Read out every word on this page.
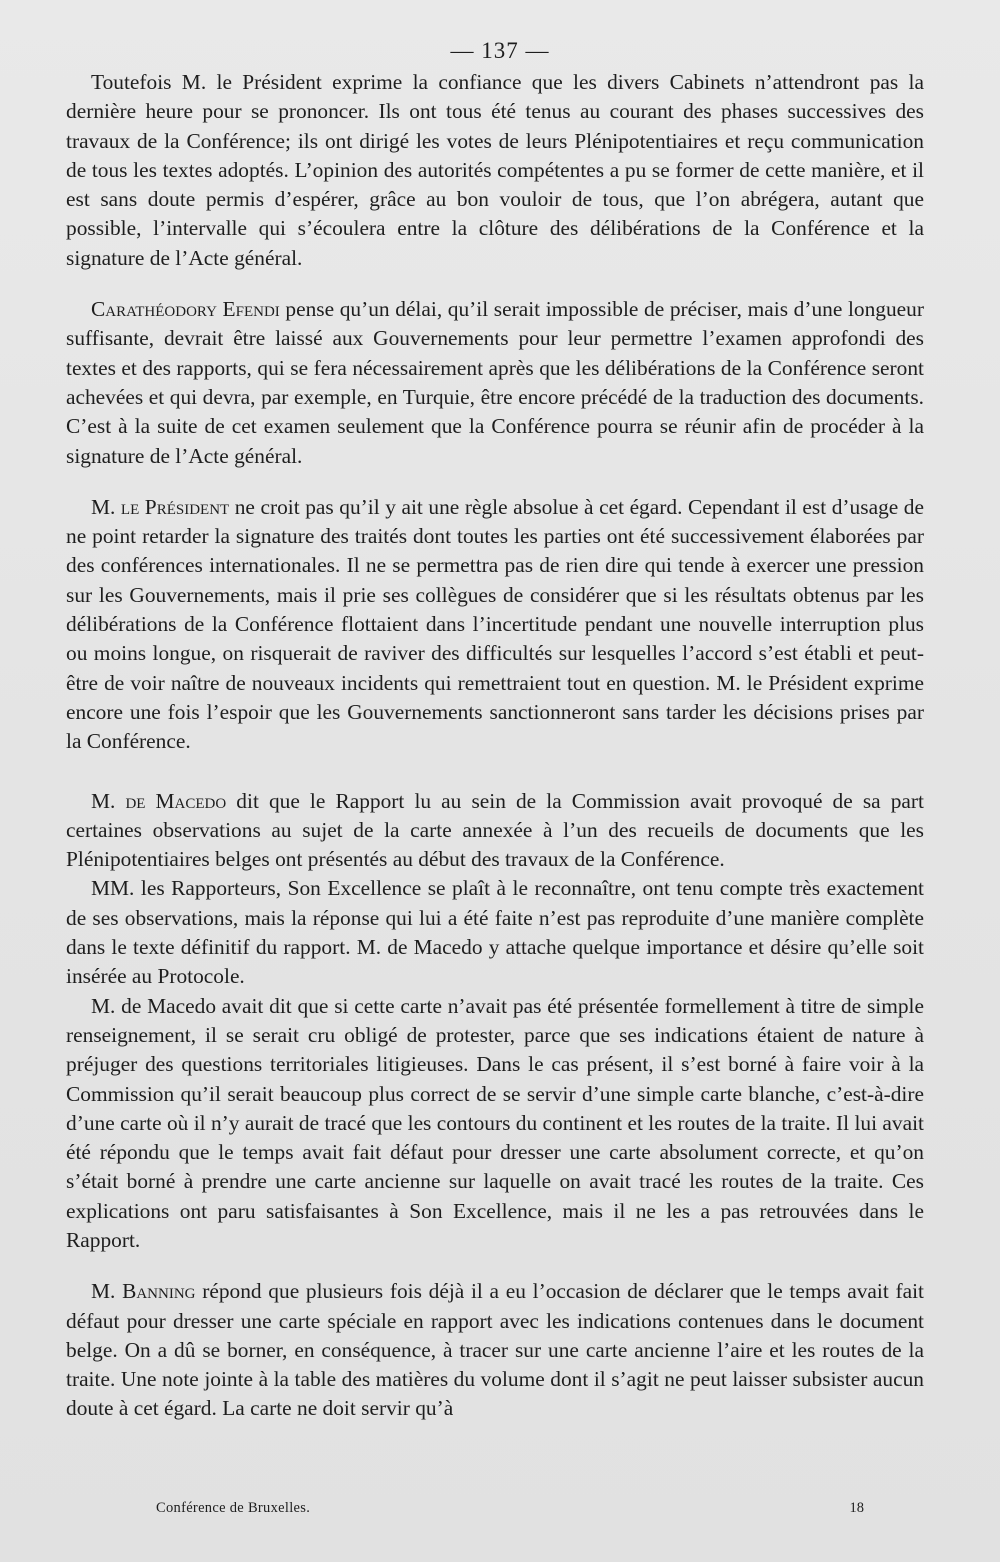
— 137 —

Toutefois M. le Président exprime la confiance que les divers Cabinets n’attendront pas la dernière heure pour se prononcer. Ils ont tous été tenus au courant des phases successives des travaux de la Conférence; ils ont dirigé les votes de leurs Plénipotentiaires et reçu communication de tous les textes adoptés. L’opinion des autorités compétentes a pu se former de cette manière, et il est sans doute permis d’espérer, grâce au bon vouloir de tous, que l’on abrégera, autant que possible, l’intervalle qui s’écoulera entre la clôture des délibérations de la Conférence et la signature de l’Acte général.

Carathéodory Efendi pense qu’un délai, qu’il serait impossible de préciser, mais d’une longueur suffisante, devrait être laissé aux Gouvernements pour leur permettre l’examen approfondi des textes et des rapports, qui se fera nécessairement après que les délibérations de la Conférence seront achevées et qui devra, par exemple, en Turquie, être encore précédé de la traduction des documents. C’est à la suite de cet examen seulement que la Conférence pourra se réunir afin de procéder à la signature de l’Acte général.

M. le Président ne croit pas qu’il y ait une règle absolue à cet égard. Cependant il est d’usage de ne point retarder la signature des traités dont toutes les parties ont été successivement élaborées par des conférences internationales. Il ne se permettra pas de rien dire qui tende à exercer une pression sur les Gouvernements, mais il prie ses collègues de considérer que si les résultats obtenus par les délibérations de la Conférence flottaient dans l’incertitude pendant une nouvelle interruption plus ou moins longue, on risquerait de raviver des difficultés sur lesquelles l’accord s’est établi et peut-être de voir naître de nouveaux incidents qui remettraient tout en question. M. le Président exprime encore une fois l’espoir que les Gouvernements sanctionneront sans tarder les décisions prises par la Conférence.

M. de Macedo dit que le Rapport lu au sein de la Commission avait provoqué de sa part certaines observations au sujet de la carte annexée à l’un des recueils de documents que les Plénipotentiaires belges ont présentés au début des travaux de la Conférence.

MM. les Rapporteurs, Son Excellence se plaît à le reconnaître, ont tenu compte très exactement de ses observations, mais la réponse qui lui a été faite n’est pas reproduite d’une manière complète dans le texte définitif du rapport. M. de Macedo y attache quelque importance et désire qu’elle soit insérée au Protocole.

M. de Macedo avait dit que si cette carte n’avait pas été présentée formellement à titre de simple renseignement, il se serait cru obligé de protester, parce que ses indications étaient de nature à préjuger des questions territoriales litigieuses. Dans le cas présent, il s’est borné à faire voir à la Commission qu’il serait beaucoup plus correct de se servir d’une simple carte blanche, c’est-à-dire d’une carte où il n’y aurait de tracé que les contours du continent et les routes de la traite. Il lui avait été répondu que le temps avait fait défaut pour dresser une carte absolument correcte, et qu’on s’était borné à prendre une carte ancienne sur laquelle on avait tracé les routes de la traite. Ces explications ont paru satisfaisantes à Son Excellence, mais il ne les a pas retrouvées dans le Rapport.

M. Banning répond que plusieurs fois déjà il a eu l’occasion de déclarer que le temps avait fait défaut pour dresser une carte spéciale en rapport avec les indications contenues dans le document belge. On a dû se borner, en conséquence, à tracer sur une carte ancienne l’aire et les routes de la traite. Une note jointe à la table des matières du volume dont il s’agit ne peut laisser subsister aucun doute à cet égard. La carte ne doit servir qu’à

Conférence de Bruxelles.	18
